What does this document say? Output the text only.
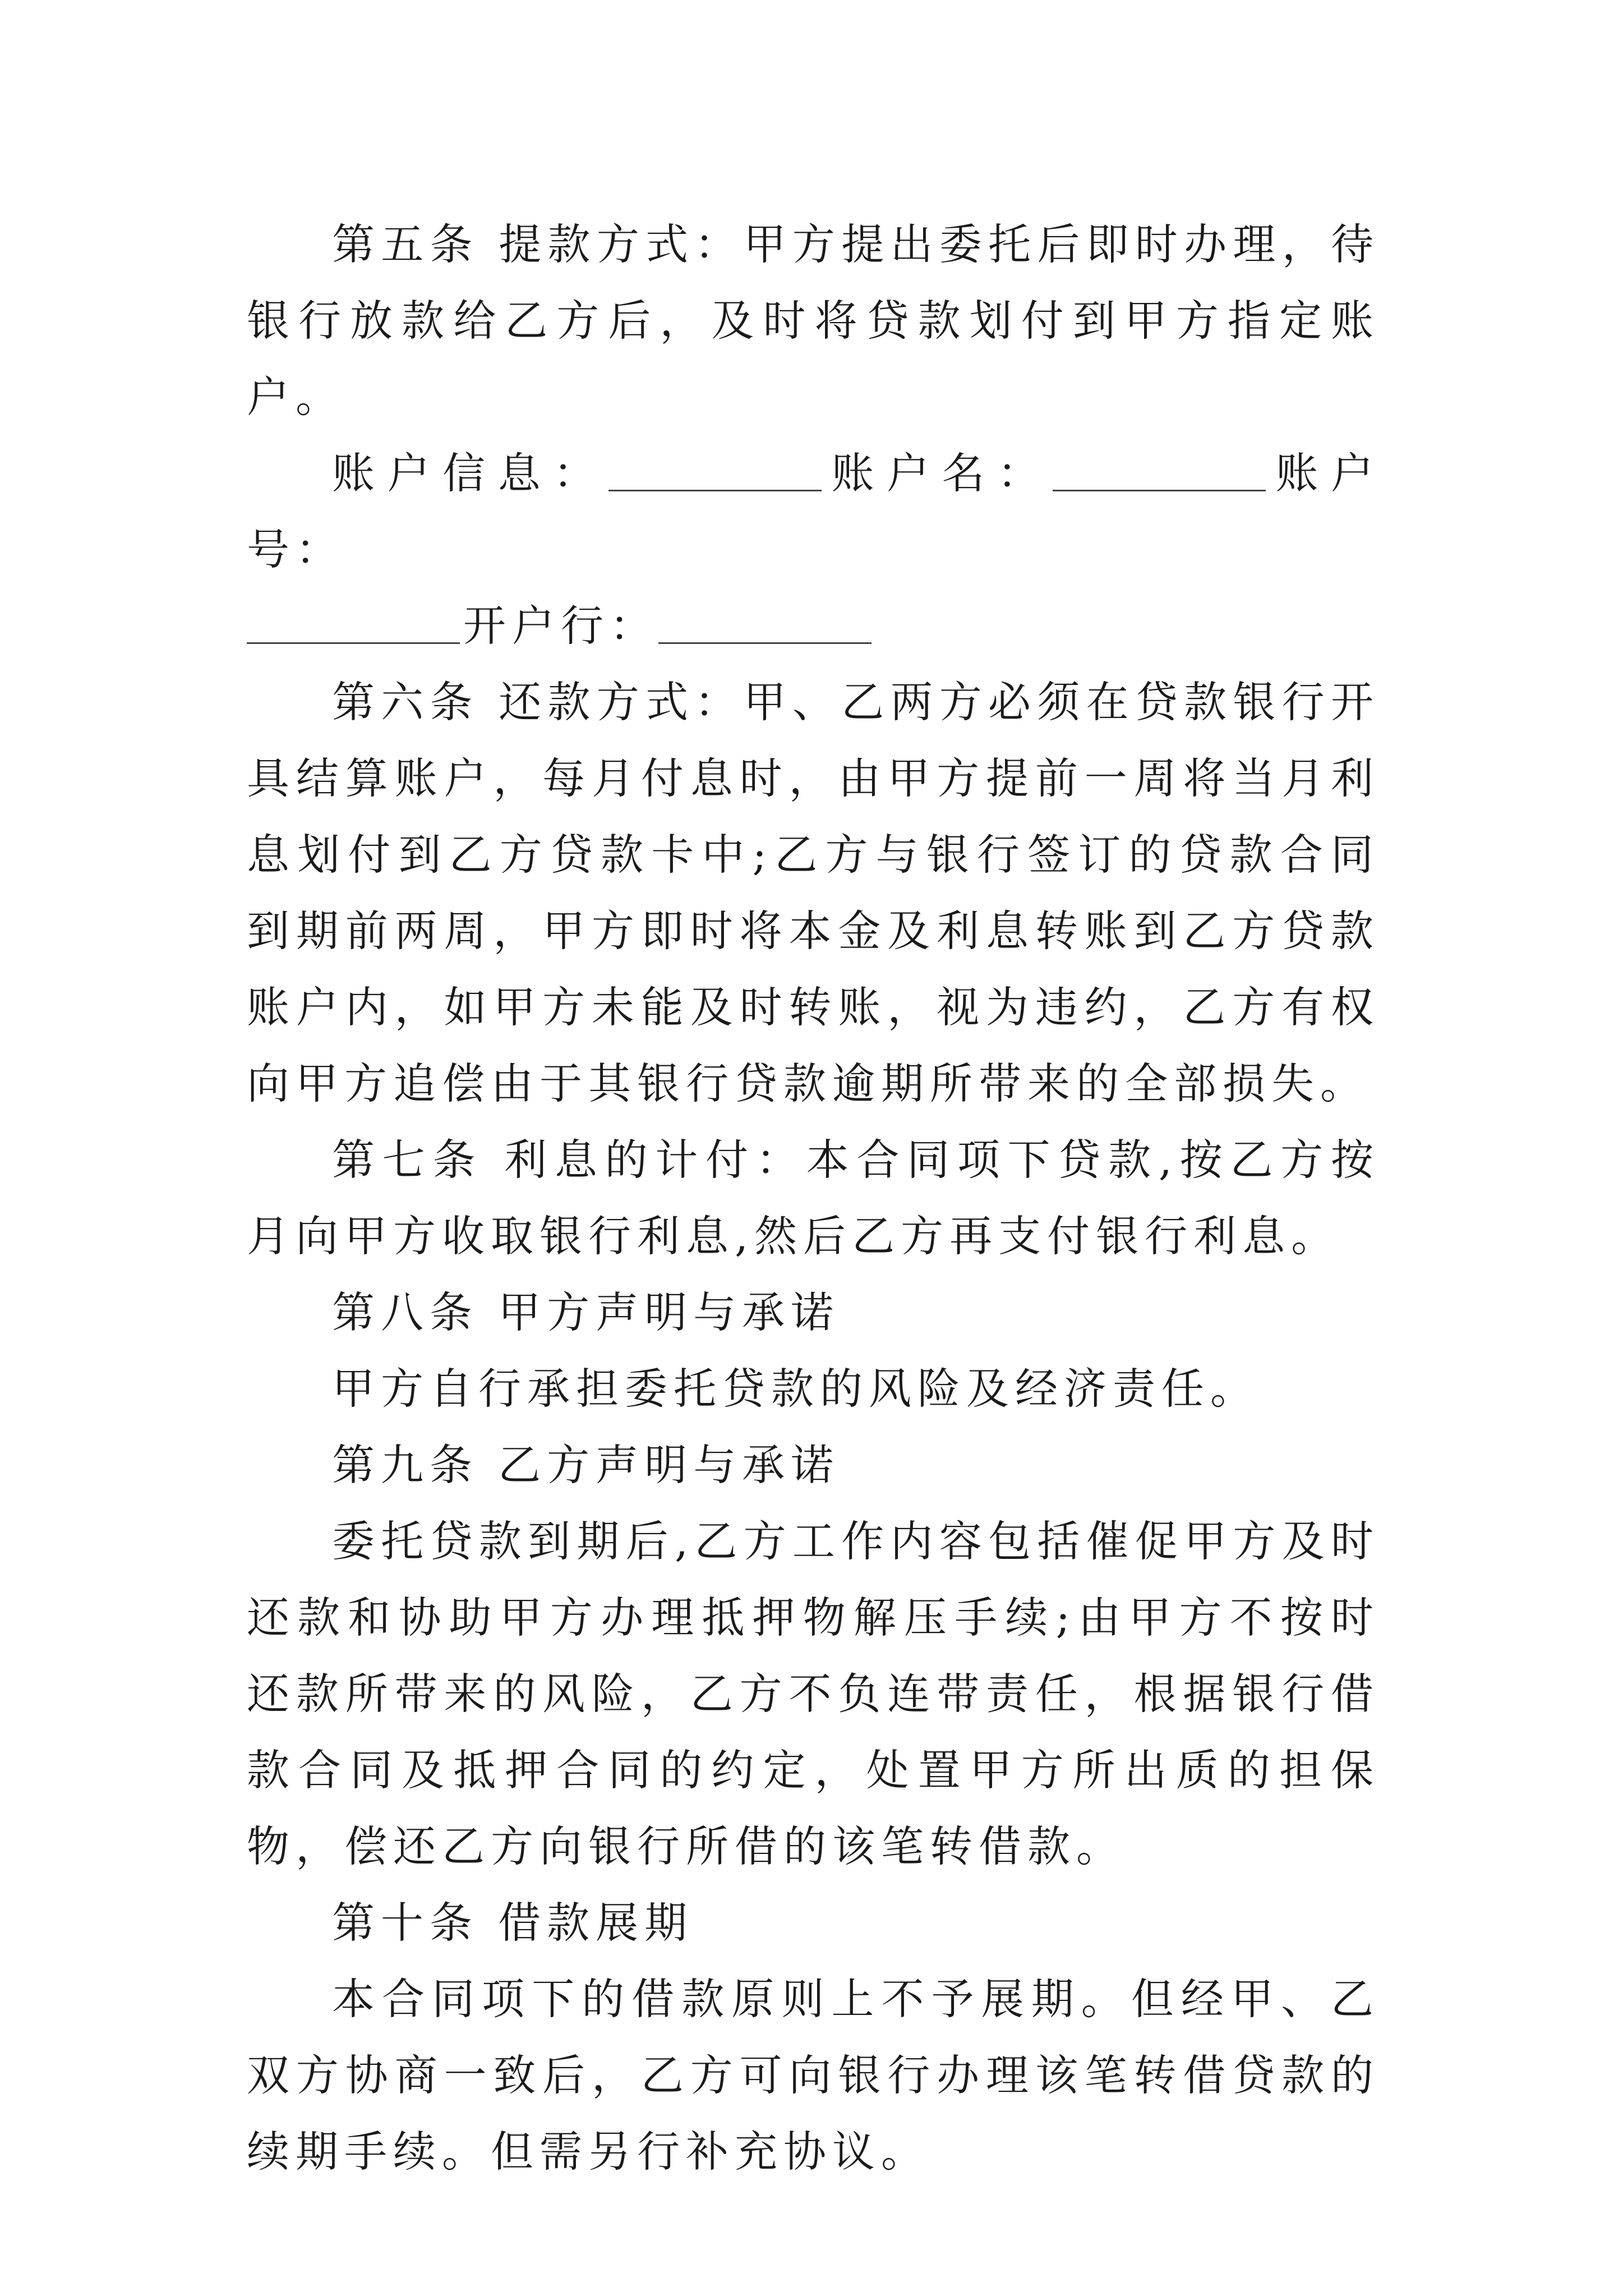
第五条 提款方式：甲方提出委托后即时办理，待银行放款给乙方后，及时将贷款划付到甲方指定账户。

账户信息：	账户名：	账户号：

开户行：

第六条 还款方式：甲、乙两方必须在贷款银行开具结算账户，每月付息时，由甲方提前一周将当月利息划付到乙方贷款卡中;乙方与银行签订的贷款合同到期前两周，甲方即时将本金及利息转账到乙方贷款账户内，如甲方未能及时转账，视为违约，乙方有权向甲方追偿由于其银行贷款逾期所带来的全部损失。

第七条 利息的计付：本合同项下贷款,按乙方按月向甲方收取银行利息,然后乙方再支付银行利息。

第八条 甲方声明与承诺

甲方自行承担委托贷款的风险及经济责任。

第九条 乙方声明与承诺

委托贷款到期后,乙方工作内容包括催促甲方及时还款和协助甲方办理抵押物解压手续;由甲方不按时还款所带来的风险，乙方不负连带责任，根据银行借款合同及抵押合同的约定，处置甲方所出质的担保物，偿还乙方向银行所借的该笔转借款。

第十条 借款展期

本合同项下的借款原则上不予展期。但经甲、乙双方协商一致后，乙方可向银行办理该笔转借贷款的续期手续。但需另行补充协议。
